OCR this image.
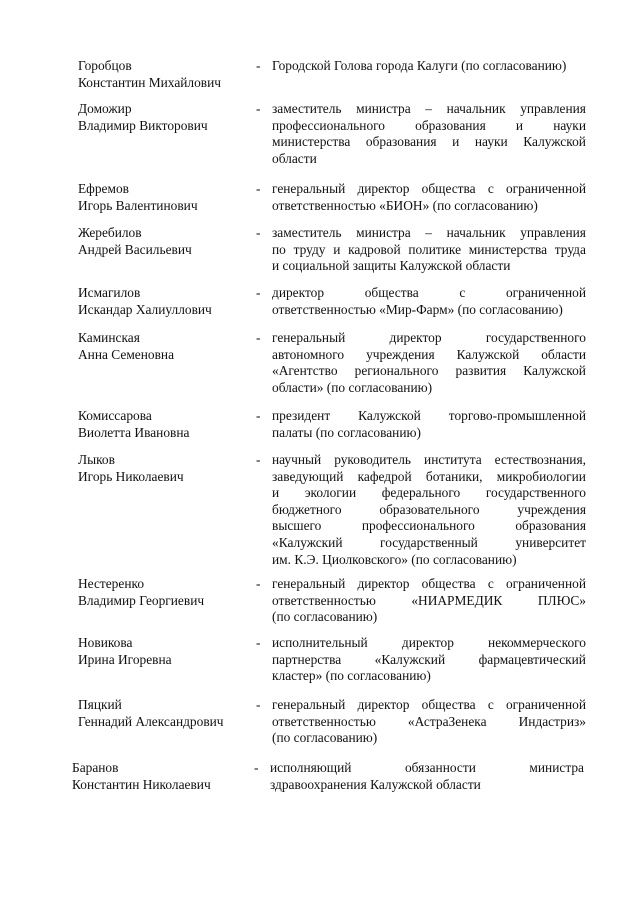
Горобцов
Константин Михайлович
- Городской Голова города Калуги (по согласованию)
Доможир
Владимир Викторович
- заместитель министра – начальник управления
профессионального образования и науки
министерства образования и науки Калужской
области
Ефремов
Игорь Валентинович
- генеральный директор общества с ограниченной
ответственностью «БИОН» (по согласованию)
Жеребилов
Андрей Васильевич
- заместитель министра – начальник управления
по труду и кадровой политике министерства труда
и социальной защиты Калужской области
Исмагилов
Искандар Халиуллович
- директор	общества	с	ограниченной
ответственностью «Мир-Фарм» (по согласованию)
Каминская
Анна Семеновна
- генеральный	директор	государственного
автономного учреждения Калужской области
«Агентство регионального развития Калужской
области» (по согласованию)
Комиссарова
Виолетта Ивановна
- президент Калужской торгово-промышленной
палаты (по согласованию)
Лыков
Игорь Николаевич
- научный руководитель института естествознания,
заведующий кафедрой ботаники, микробиологии
и экологии федерального государственного
бюджетного	образовательного	учреждения
высшего	профессионального	образования
«Калужский	государственный	университет
им. К.Э. Циолковского» (по согласованию)
Нестеренко
Владимир Георгиевич
- генеральный директор общества с ограниченной
ответственностью	«НИАРМЕДИК	ПЛЮС»
(по согласованию)
Новикова
Ирина Игоревна
- исполнительный	директор	некоммерческого
партнерства «Калужский фармацевтический
кластер» (по согласованию)
Пяцкий
Геннадий Александрович
- генеральный директор общества с ограниченной
ответственностью «АстраЗенека Индастриз»
(по согласованию)
Баранов
Константин Николаевич
- исполняющий	обязанности	министра
здравоохранения Калужской области
